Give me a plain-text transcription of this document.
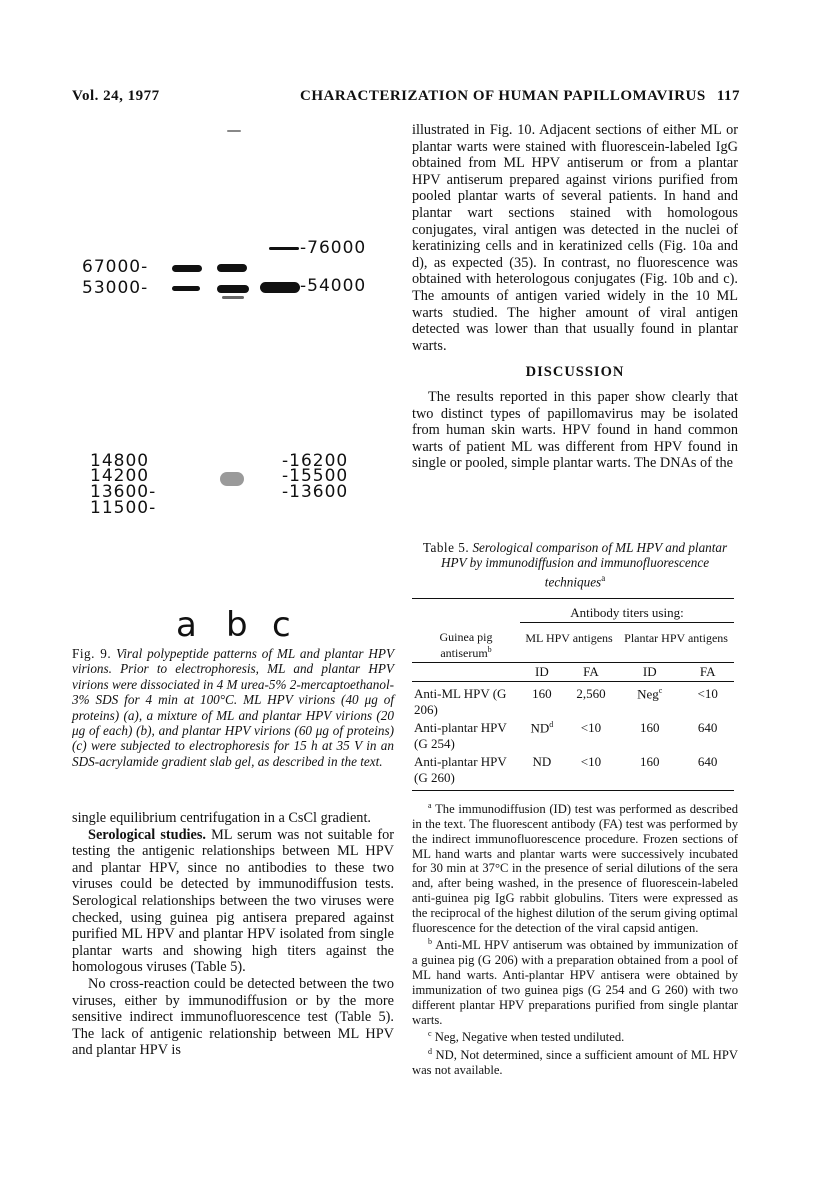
Vol. 24, 1977	CHARACTERIZATION OF HUMAN PAPILLOMAVIRUS 117
67000-
53000-
14800
14200
13600-
11500-
-76000
-54000
-16200
-15500
-13600
a b c
Fig. 9. Viral polypeptide patterns of ML and plantar HPV virions. Prior to electrophoresis, ML and plantar HPV virions were dissociated in 4 M urea-5% 2-mercaptoethanol-3% SDS for 4 min at 100°C. ML HPV virions (40 μg of proteins) (a), a mixture of ML and plantar HPV virions (20 μg of each) (b), and plantar HPV virions (60 μg of proteins) (c) were subjected to electrophoresis for 15 h at 35 V in an SDS-acrylamide gradient slab gel, as described in the text.

single equilibrium centrifugation in a CsCl gradient.

Serological studies. ML serum was not suitable for testing the antigenic relationships between ML HPV and plantar HPV, since no antibodies to these two viruses could be detected by immunodiffusion tests. Serological relationships between the two viruses were checked, using guinea pig antisera prepared against purified ML HPV and plantar HPV isolated from single plantar warts and showing high titers against the homologous viruses (Table 5).

No cross-reaction could be detected between the two viruses, either by immunodiffusion or by the more sensitive indirect immunofluorescence test (Table 5). The lack of antigenic relationship between ML HPV and plantar HPV is

illustrated in Fig. 10. Adjacent sections of either ML or plantar warts were stained with fluorescein-labeled IgG obtained from ML HPV antiserum or from a plantar HPV antiserum prepared against virions purified from pooled plantar warts of several patients. In hand and plantar wart sections stained with homologous conjugates, viral antigen was detected in the nuclei of keratinizing cells and in keratinized cells (Fig. 10a and d), as expected (35). In contrast, no fluorescence was obtained with heterologous conjugates (Fig. 10b and c). The amounts of antigen varied widely in the 10 ML warts studied. The higher amount of viral antigen detected was lower than that usually found in plantar warts.

DISCUSSION

The results reported in this paper show clearly that two distinct types of papillomavirus may be isolated from human skin warts. HPV found in hand common warts of patient ML was different from HPV found in single or pooled, simple plantar warts. The DNAs of the

Table 5. Serological comparison of ML HPV and plantar HPV by immunodiffusion and immunofluorescence techniques$^a$
	Antibody titers using:			
Guinea pig antiserum$^b$	ML HPV antigens		Plantar HPV antigens	

	ID	FA	ID	FA
Anti-ML HPV (G 206)	160	2,560	Neg$^c$	<10
Anti-plantar HPV (G 254)	$ND^d$	<10	160	640
Anti-plantar HPV (G 260)	ND	<10	160	640

$^a$ The immunodiffusion (ID) test was performed as described in the text. The fluorescent antibody (FA) test was performed by the indirect immunofluorescence procedure. Frozen sections of ML hand warts and plantar warts were successively incubated for 30 min at 37°C in the presence of serial dilutions of the sera and, after being washed, in the presence of fluorescein-labeled anti-guinea pig IgG rabbit globulins. Titers were expressed as the reciprocal of the highest dilution of the serum giving optimal fluorescence for the detection of the viral capsid antigen.

$^b$ Anti-ML HPV antiserum was obtained by immunization of a guinea pig (G 206) with a preparation obtained from a pool of ML hand warts. Anti-plantar HPV antisera were obtained by immunization of two guinea pigs (G 254 and G 260) with two different plantar HPV preparations purified from single plantar warts.

$^c$ Neg, Negative when tested undiluted.

$^d$ ND, Not determined, since a sufficient amount of ML HPV was not available.
